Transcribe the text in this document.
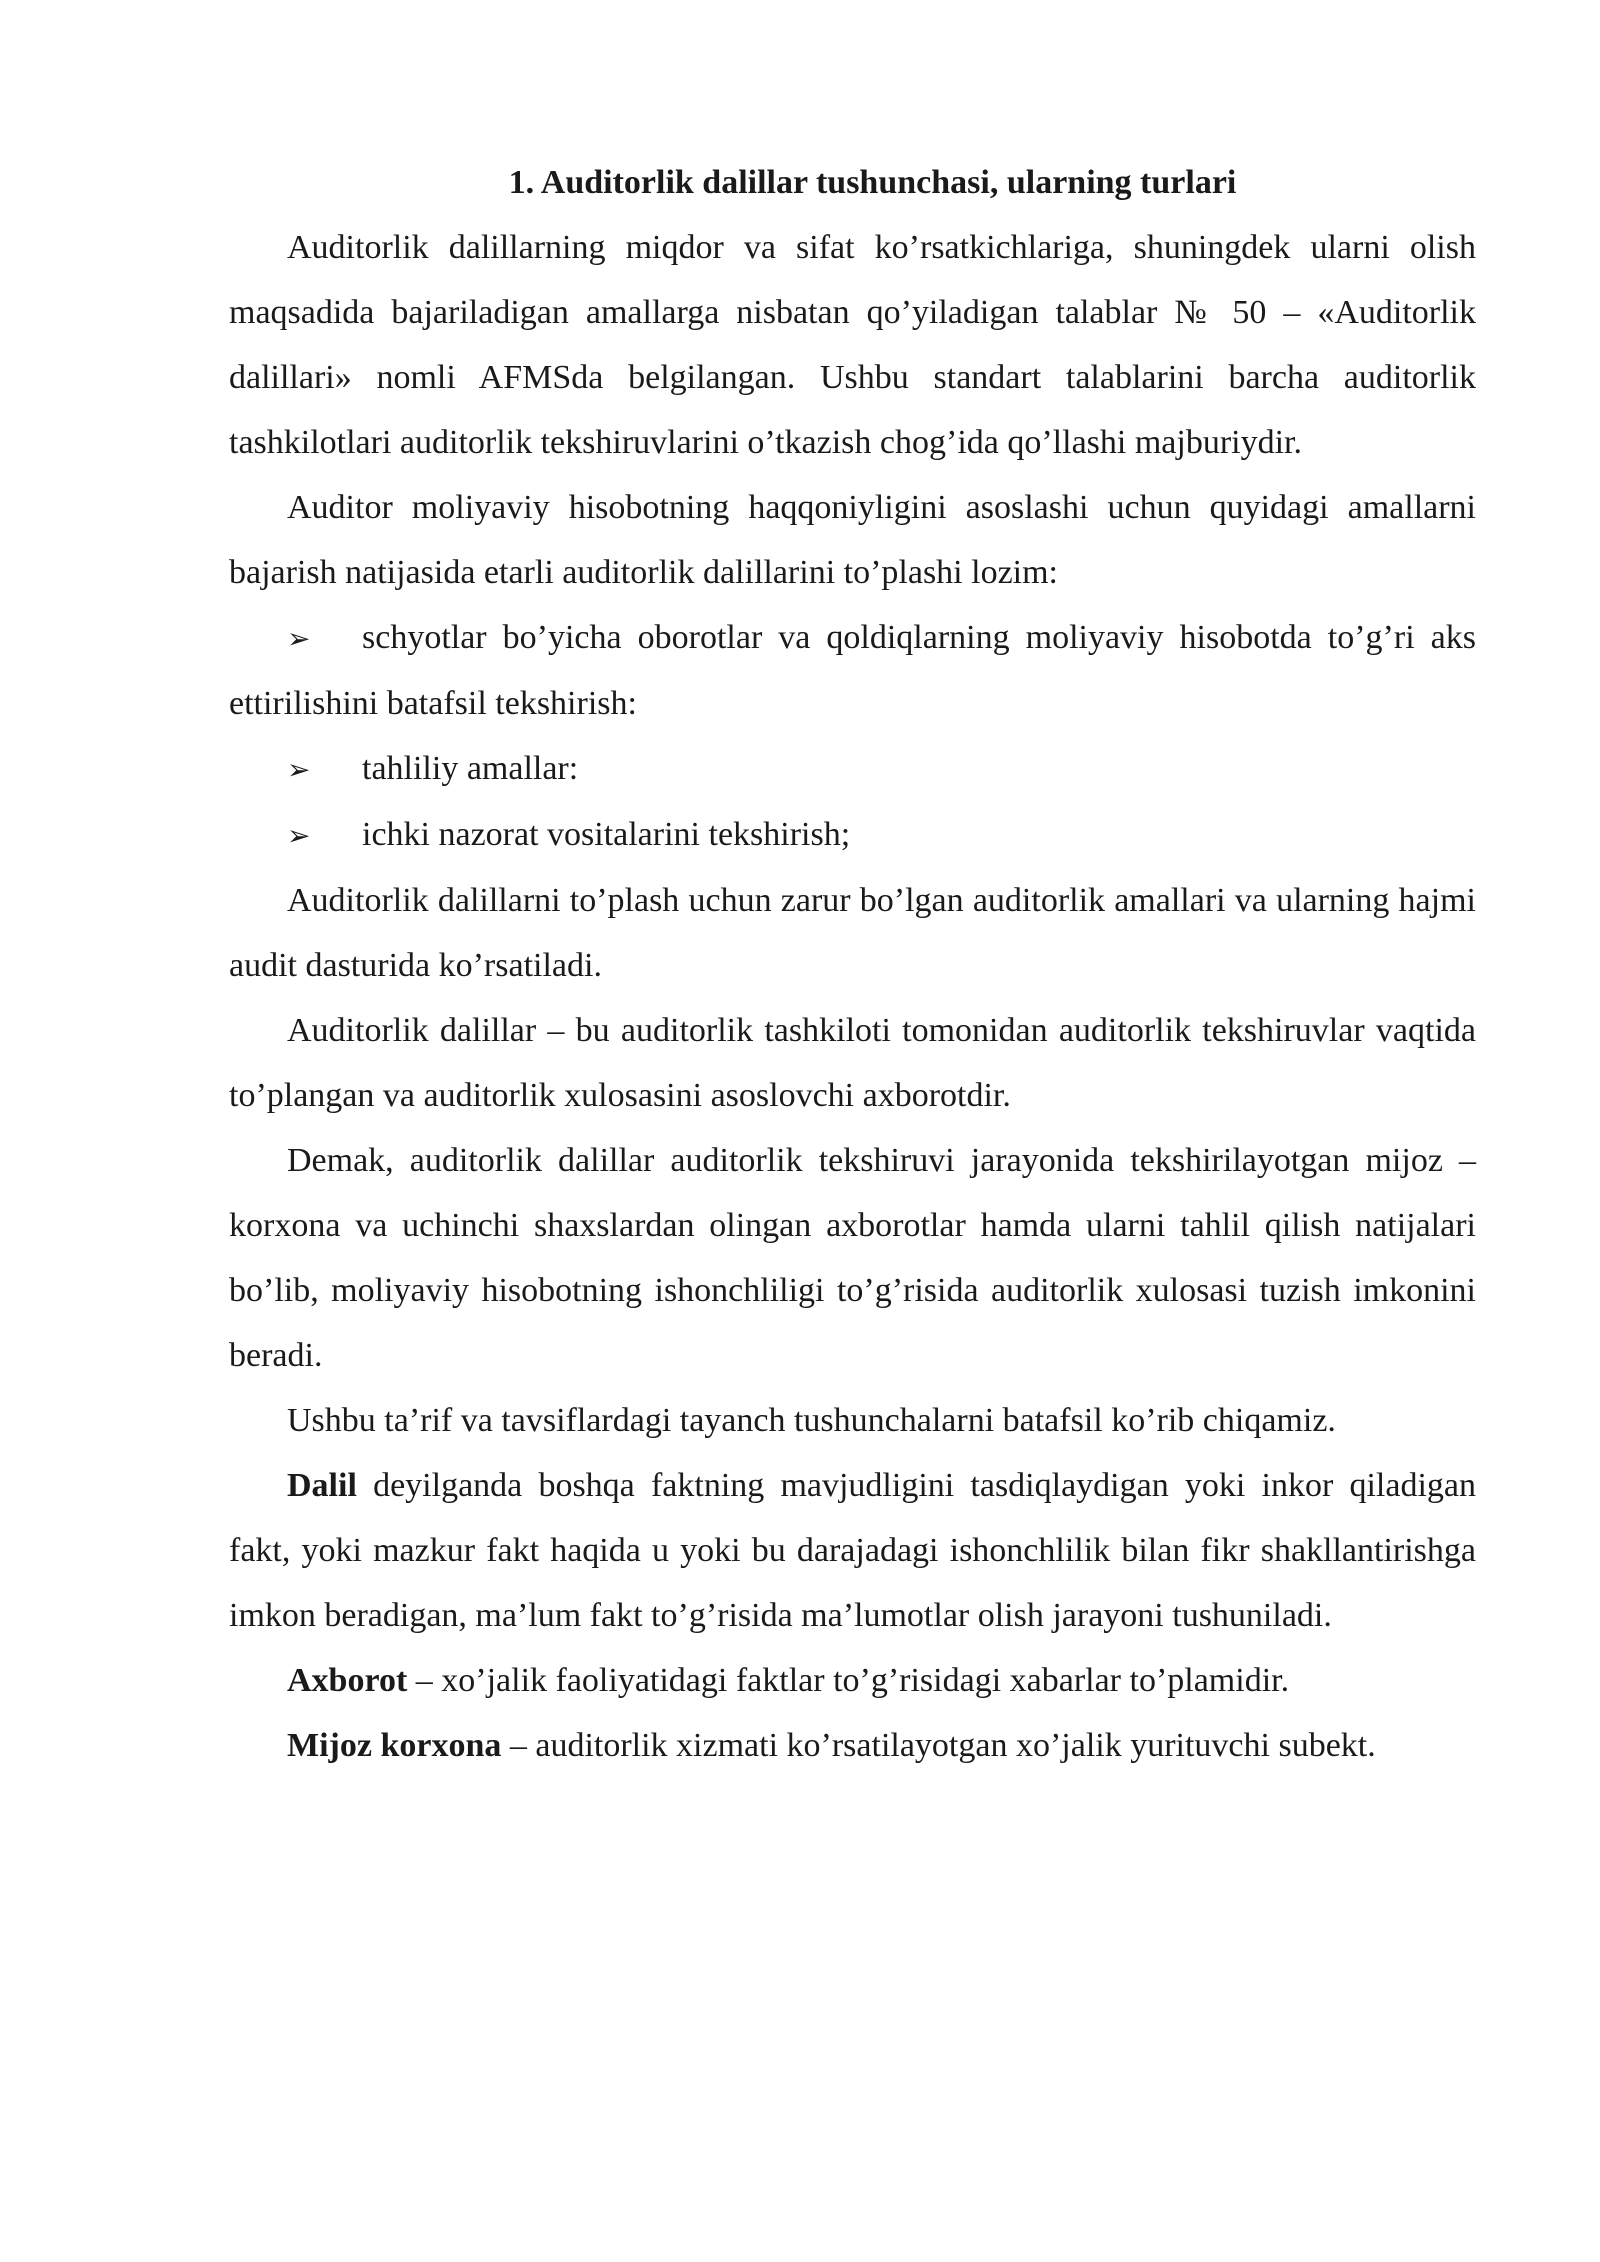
1. Auditorlik dalillar tushunchasi, ularning turlari

Auditorlik dalillarning miqdor va sifat ko’rsatkichlariga, shuningdek ularni olish maqsadida bajariladigan amallarga nisbatan qo’yiladigan talablar № 50 – «Auditorlik dalillari» nomli AFMSda belgilangan. Ushbu standart talablarini barcha auditorlik tashkilotlari auditorlik tekshiruvlarini o’tkazish chog’ida qo’llashi majburiydir.

Auditor moliyaviy hisobotning haqqoniyligini asoslashi uchun quyidagi amallarni bajarish natijasida etarli auditorlik dalillarini to’plashi lozim:

➢ schyotlar bo’yicha oborotlar va qoldiqlarning moliyaviy hisobotda to’g’ri aks ettirilishini batafsil tekshirish:

➢ tahliliy amallar:

➢ ichki nazorat vositalarini tekshirish;

Auditorlik dalillarni to’plash uchun zarur bo’lgan auditorlik amallari va ularning hajmi audit dasturida ko’rsatiladi.

Auditorlik dalillar – bu auditorlik tashkiloti tomonidan auditorlik tekshiruvlar vaqtida to’plangan va auditorlik xulosasini asoslovchi axborotdir.

Demak, auditorlik dalillar auditorlik tekshiruvi jarayonida tekshirilayotgan mijoz – korxona va uchinchi shaxslardan olingan axborotlar hamda ularni tahlil qilish natijalari bo’lib, moliyaviy hisobotning ishonchliligi to’g’risida auditorlik xulosasi tuzish imkonini beradi.

Ushbu ta’rif va tavsiflardagi tayanch tushunchalarni batafsil ko’rib chiqamiz.

Dalil deyilganda boshqa faktning mavjudligini tasdiqlaydigan yoki inkor qiladigan fakt, yoki mazkur fakt haqida u yoki bu darajadagi ishonchlilik bilan fikr shakllantirishga imkon beradigan, ma’lum fakt to’g’risida ma’lumotlar olish jarayoni tushuniladi.

Axborot – xo’jalik faoliyatidagi faktlar to’g’risidagi xabarlar to’plamidir.

Mijoz korxona – auditorlik xizmati ko’rsatilayotgan xo’jalik yurituvchi subekt.
